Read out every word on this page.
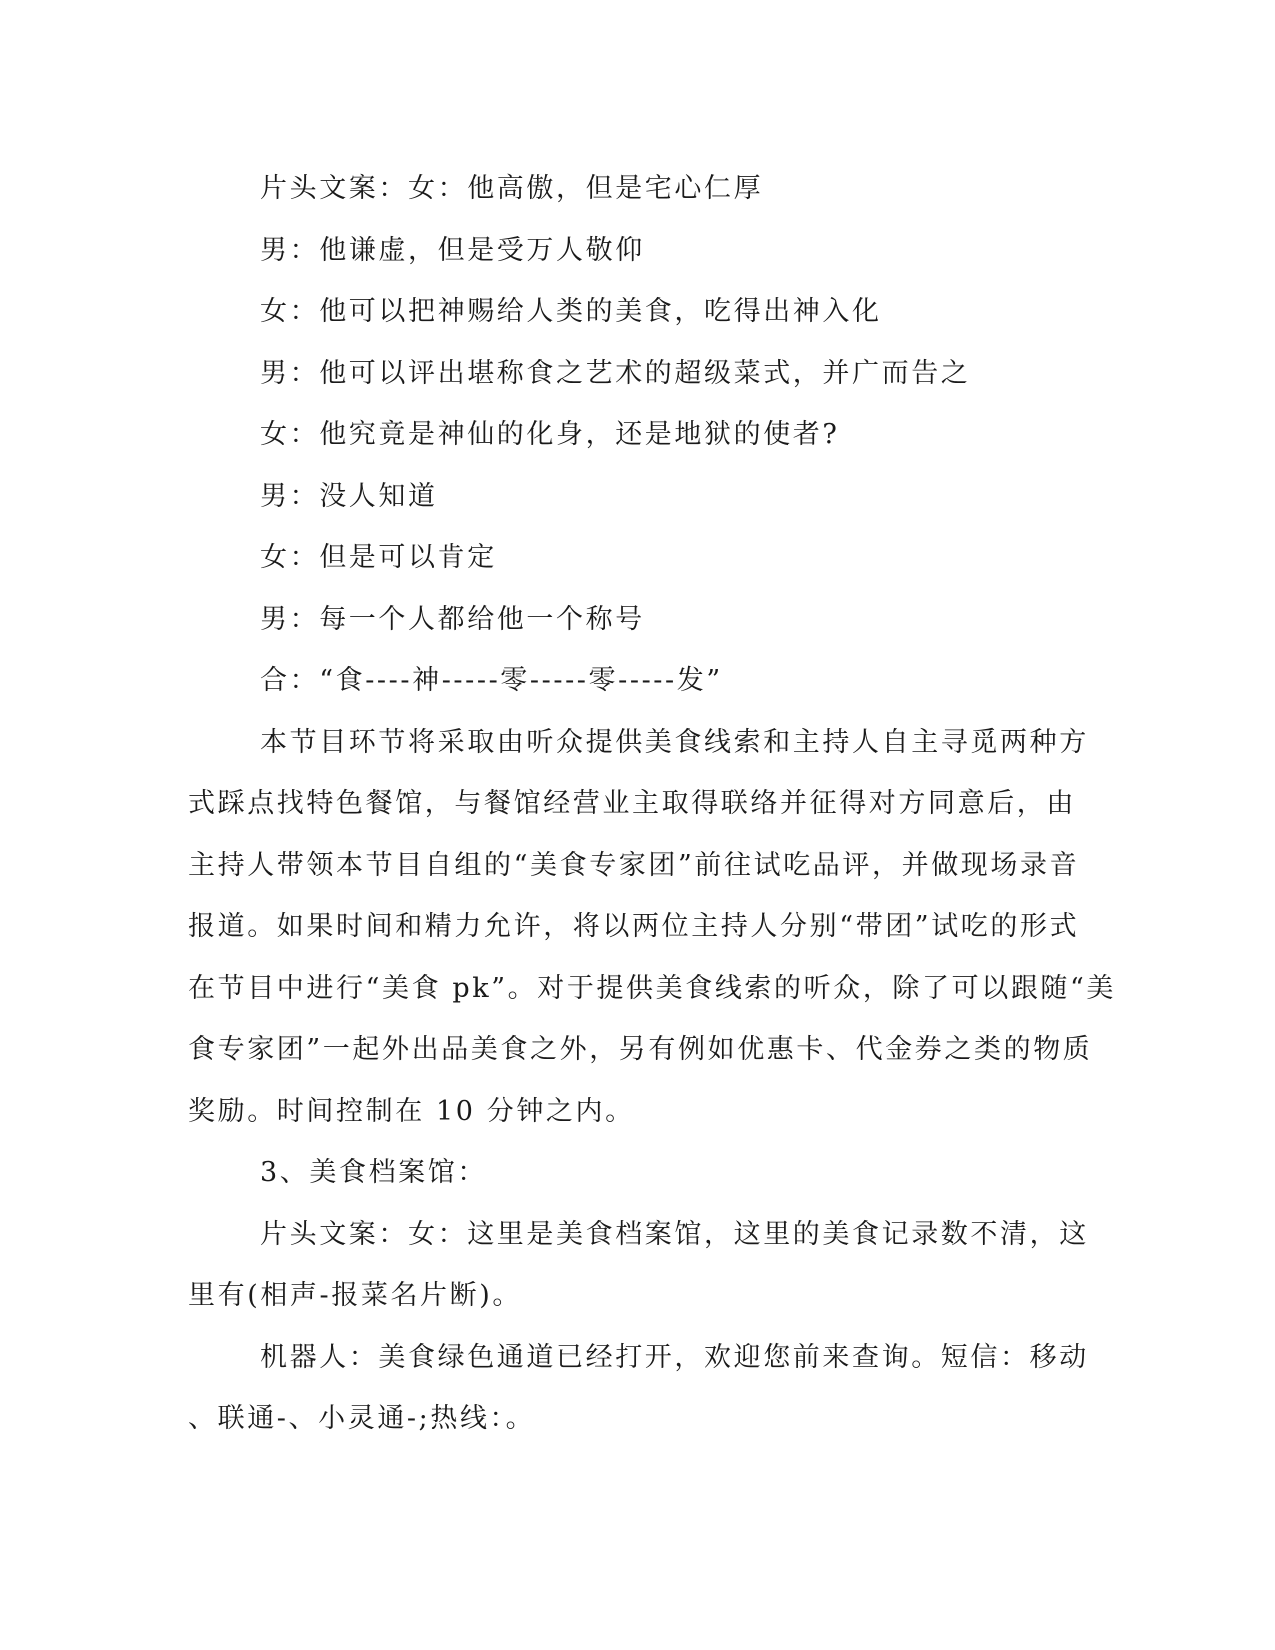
片头文案：女：他高傲，但是宅心仁厚
男：他谦虚，但是受万人敬仰
女：他可以把神赐给人类的美食，吃得出神入化
男：他可以评出堪称食之艺术的超级菜式，并广而告之
女：他究竟是神仙的化身，还是地狱的使者?
男：没人知道
女：但是可以肯定
男：每一个人都给他一个称号
合：“食----神-----零-----零-----发”
本节目环节将采取由听众提供美食线索和主持人自主寻觅两种方
式踩点找特色餐馆，与餐馆经营业主取得联络并征得对方同意后，由
主持人带领本节目自组的“美食专家团”前往试吃品评，并做现场录音
报道。如果时间和精力允许，将以两位主持人分别“带团”试吃的形式
在节目中进行“美食 pk”。对于提供美食线索的听众，除了可以跟随“美
食专家团”一起外出品美食之外，另有例如优惠卡、代金券之类的物质
奖励。时间控制在 10 分钟之内。
3、美食档案馆：
片头文案：女：这里是美食档案馆，这里的美食记录数不清，这
里有(相声-报菜名片断)。
机器人：美食绿色通道已经打开，欢迎您前来查询。短信：移动
、联通-、小灵通-;热线：。
